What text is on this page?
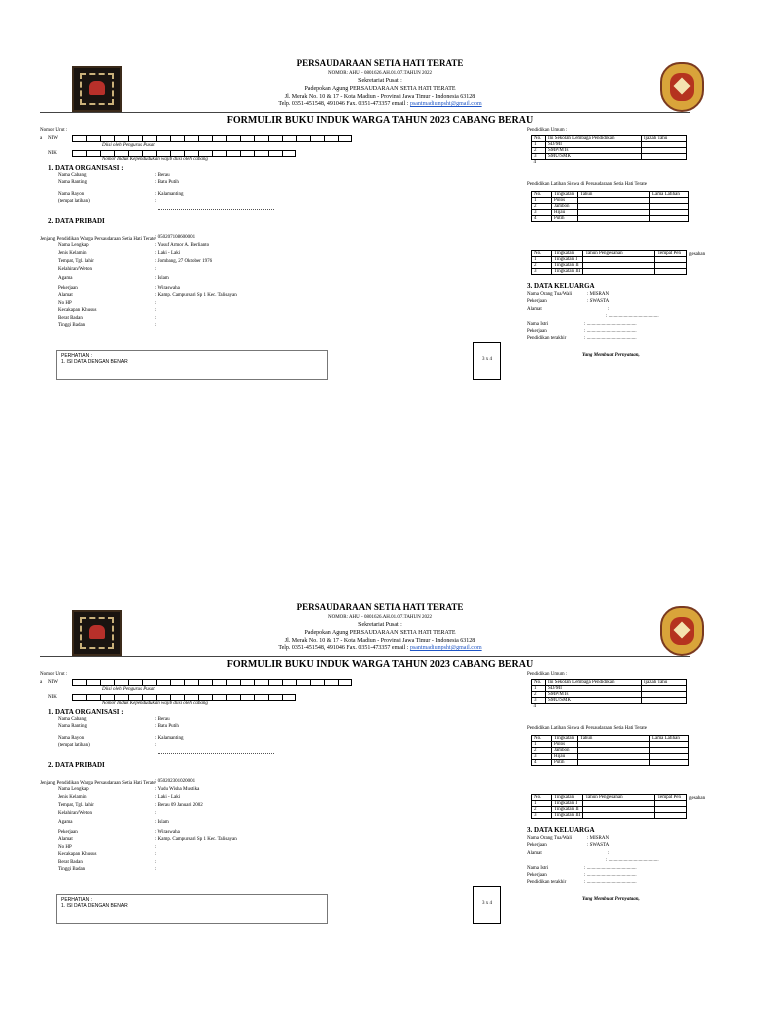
PERSAUDARAAN SETIA HATI TERATE
NOMOR: AHU - 0801626.AH.01.07.TAHUN 2022
Sekretariat Pusat :
Padepokan Agung PERSAUDARAAN SETIA HATI TERATE
Jl. Merak No. 10 & 17 - Kota Madiun - Provinsi Jawa Timur - Indonesia 63128
Telp. 0351-451548, 491046 Fax. 0351-473357 email : psantmadiunpsht@gmail.com
FORMULIR BUKU INDUK WARGA TAHUN 2023 CABANG BERAU
Nomor Urut :
a NIW
Diisi oleh Pengurus Pusat
NIK
Nomor Induk Kependudukan wajib diisi oleh cabang
1. DATA ORGANISASI :
Nama Cabang	: Berau
Nama Ranting	: Batu Putih
Nama Rayon	: Kalamanting
(tempat latihan)	:
2. DATA PRIBADI
Jenjang Pendidikan Warga Persaudaraan Setia Hati Terate : 050207108600001
Nama Lengkap	: Yusuf Armor A. Berlianto
Jenis Kelamin	: Laki - Laki
Tempat, Tgl. lahir	: Jombang, 27 Oktober 1976
Kelahiran/Weton	:
Agama	: Islam
Pekerjaan	: Wiraswaha
Alamat	: Kamp. Campursari Sp 1 Kec. Talisayan
No HP	:
Kecakapan Khusus	:
Berat Badan	:
Tinggi Badan	:
PERHATIAN :
1. ISI DATA DENGAN BENAR	3 x 4
Pendidikan Umum :
No.	Ini Sekolah Lembaga Pendidikan	Ijazah Tahu
1	SD/MI	
2	SMP/MTs	
3	SMU/SMK	
4		
Pendidikan Latihan Siswa di Persaudaraan Setia Hati Terate
No.	Tingkatan	Tahun	Lama Latihan
1	Polos		
2	Jambon		
3	Hijau		
4	Putih		
No.	Tingkatan	Tahun Pengesahan	Tempat Pen
1	Tingkatan I		
2	Tingkatan II		
3	Tingkatan III		
gesahan
3. DATA KELUARGA
Nama Orang Tua/Wali	: MISRAN
Pekerjaan	: SWASTA
Alamat	:
: ........................................
Nama Istri	: ........................................
Pekerjaan	: ........................................
Pendidikan terakhir	: ........................................
Yang Membuat Pernyataan,
PERSAUDARAAN SETIA HATI TERATE
NOMOR: AHU - 0801626.AH.01.07.TAHUN 2022
Sekretariat Pusat :
Padepokan Agung PERSAUDARAAN SETIA HATI TERATE
Jl. Merak No. 10 & 17 - Kota Madiun - Provinsi Jawa Timur - Indonesia 63128
Telp. 0351-451548, 491046 Fax. 0351-473357 email : psantmadiunpsht@gmail.com
FORMULIR BUKU INDUK WARGA TAHUN 2023 CABANG BERAU
Nomor Urut :
a NIW
Diisi oleh Pengurus Pusat
NIK
Nomor Induk Kependudukan wajib diisi oleh cabang
1. DATA ORGANISASI :
Nama Cabang	: Berau
Nama Ranting	: Batu Putih
Nama Rayon	: Kalamanting
(tempat latihan)	:
2. DATA PRIBADI
Jenjang Pendidikan Warga Persaudaraan Setia Hati Terate : 050202301020001
Nama Lengkap	: Yudu Wisha Mustika
Jenis Kelamin	: Laki - Laki
Tempat, Tgl. lahir	: Berau 09 Januari 2002
Kelahiran/Weton	:
Agama	: Islam
Pekerjaan	: Wiraswaha
Alamat	: Kamp. Campursari Sp 1 Kec. Talisayan
No HP	:
Kecakapan Khusus	:
Berat Badan	:
Tinggi Badan	:
PERHATIAN :
1. ISI DATA DENGAN BENAR	3 x 4
Pendidikan Umum :
No.	Ini Sekolah Lembaga Pendidikan	Ijazah Tahu
1	SD/MI	
2	SMP/MTs	
3	SMU/SMK	
4		
Pendidikan Latihan Siswa di Persaudaraan Setia Hati Terate
No.	Tingkatan	Tahun	Lama Latihan
1	Polos		
2	Jambon		
3	Hijau		
4	Putih		
No.	Tingkatan	Tahun Pengesahan	Tempat Pen
1	Tingkatan I		
2	Tingkatan II		
3	Tingkatan III		
gesahan
3. DATA KELUARGA
Nama Orang Tua/Wali	: MISRAN
Pekerjaan	: SWASTA
Alamat	:
: ........................................
Nama Istri	: ........................................
Pekerjaan	: ........................................
Pendidikan terakhir	: ........................................
Yang Membuat Pernyataan,
